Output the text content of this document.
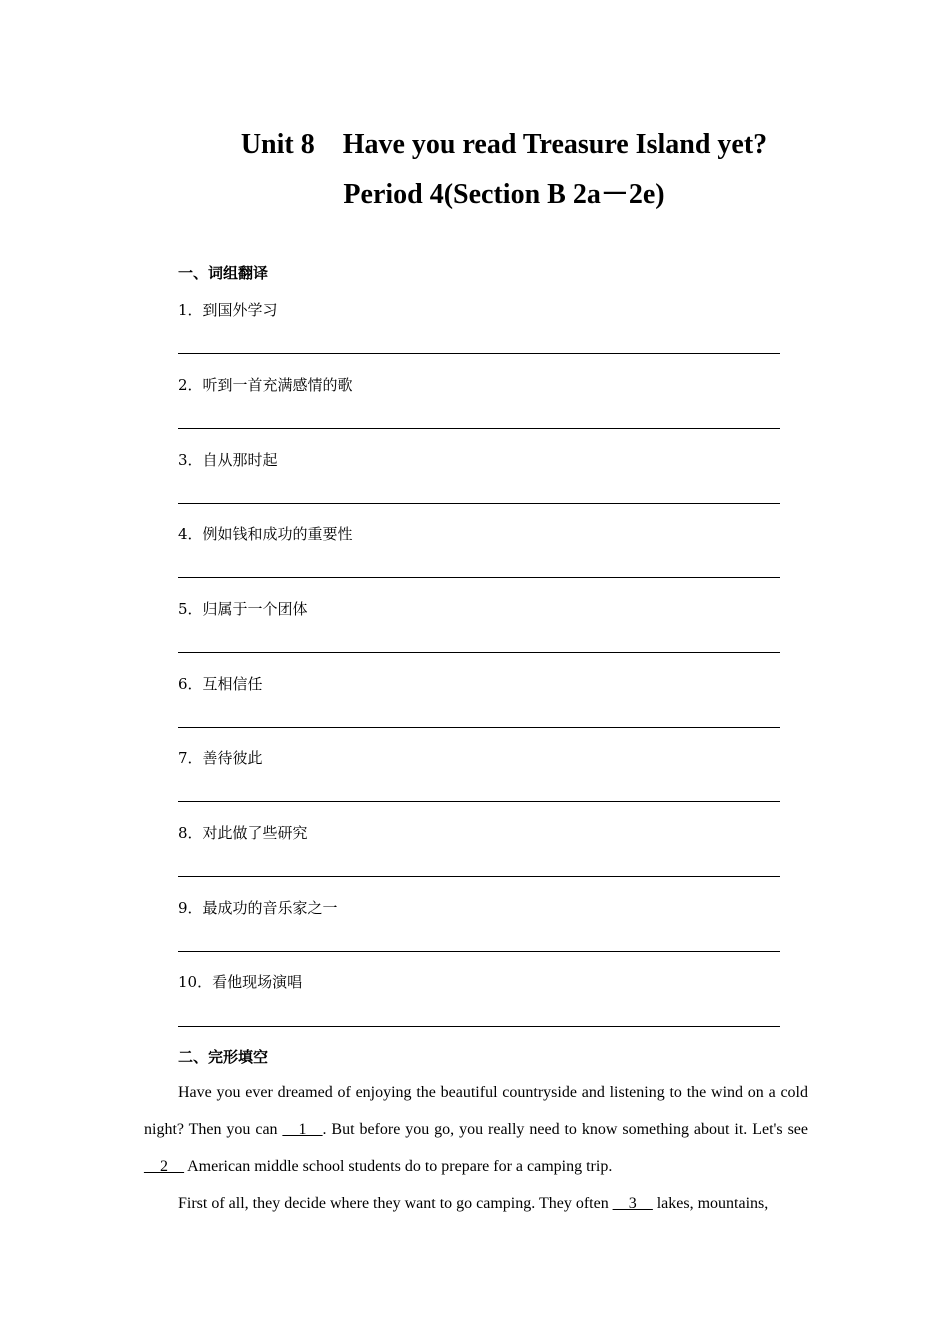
Unit 8　Have you read Treasure Island yet?
Period 4(Section B 2a－2e)
一、词组翻译
1．到国外学习
2．听到一首充满感情的歌
3．自从那时起
4．例如钱和成功的重要性
5．归属于一个团体
6．互相信任
7．善待彼此
8．对此做了些研究
9．最成功的音乐家之一
10．看他现场演唱
二、完形填空

Have you ever dreamed of enjoying the beautiful countryside and listening to the wind on a cold night? Then you can __1__. But before you go, you really need to know something about it. Let's see __2__ American middle school students do to prepare for a camping trip.

First of all, they decide where they want to go camping. They often __3__ lakes, mountains,
